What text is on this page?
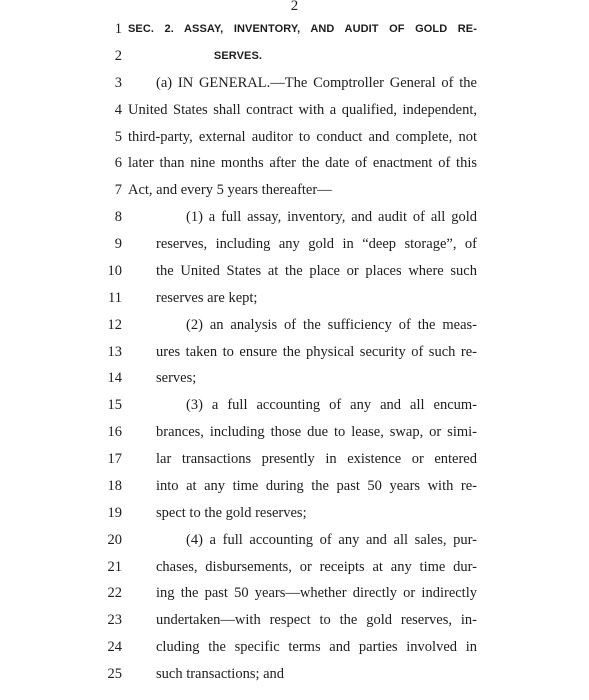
2
1 SEC. 2. ASSAY, INVENTORY, AND AUDIT OF GOLD RE-
2	SERVES.
3 (a) IN GENERAL.—The Comptroller General of the
4 United States shall contract with a qualified, independent,
5 third-party, external auditor to conduct and complete, not
6 later than nine months after the date of enactment of this
7 Act, and every 5 years thereafter—
8	(1) a full assay, inventory, and audit of all gold
9 reserves, including any gold in “deep storage”, of
10 the United States at the place or places where such
11 reserves are kept;
12	(2) an analysis of the sufficiency of the meas-
13 ures taken to ensure the physical security of such re-
14 serves;
15	(3) a full accounting of any and all encum-
16 brances, including those due to lease, swap, or simi-
17 lar transactions presently in existence or entered
18 into at any time during the past 50 years with re-
19 spect to the gold reserves;
20	(4) a full accounting of any and all sales, pur-
21 chases, disbursements, or receipts at any time dur-
22 ing the past 50 years—whether directly or indirectly
23 undertaken—with respect to the gold reserves, in-
24 cluding the specific terms and parties involved in
25 such transactions; and
